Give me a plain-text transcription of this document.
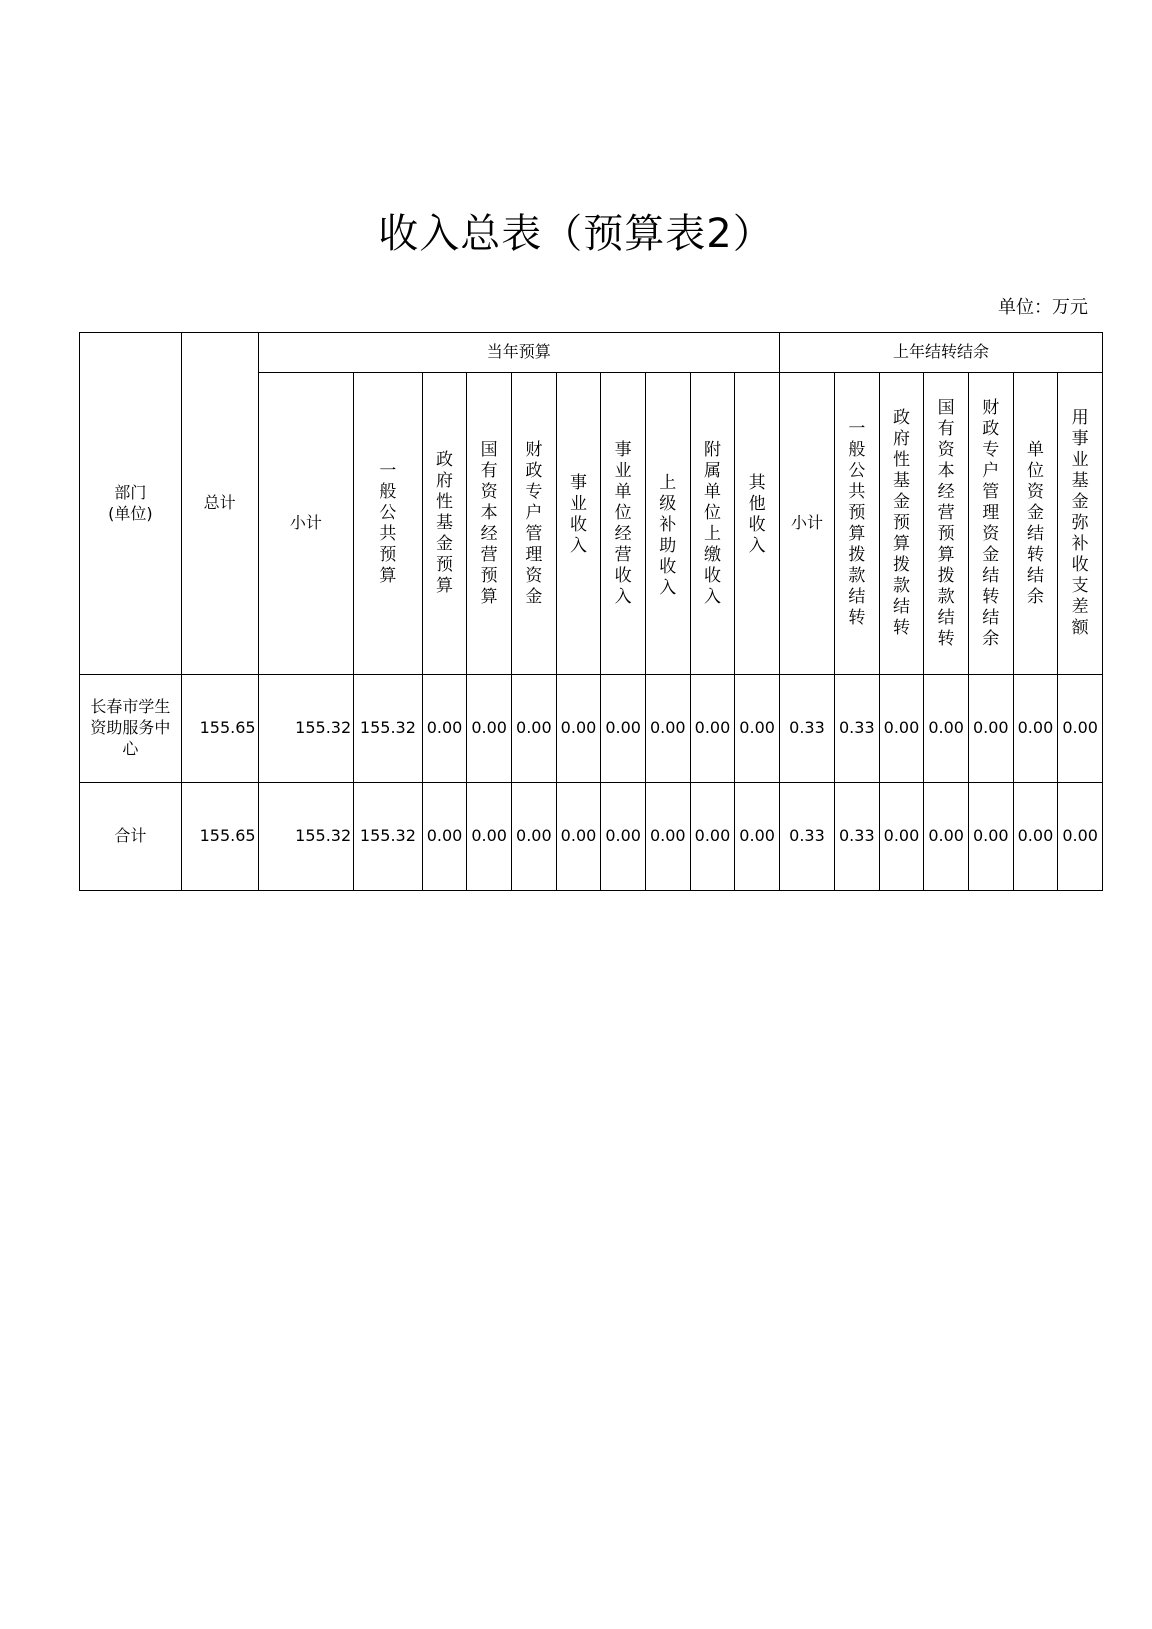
收入总表（预算表2）
单位：万元
部门
(单位)	总计	当年预算										上年结转结余						
		小计	一般公共预算	政府性基金预算	国有资本经营预算	财政专户管理资金	事业收入	事业单位经营收入	上级补助收入	附属单位上缴收入	其他收入	小计	一般公共预算拨款结转	政府性基金预算拨款结转	国有资本经营预算拨款结转	财政专户管理资金结转结余	单位资金结转结余	用事业基金弥补收支差额
长春市学生资助服务中心	155.65	155.32	155.32	0.00	0.00	0.00	0.00	0.00	0.00	0.00	0.00	0.33	0.33	0.00	0.00	0.00	0.00	0.00
合计	155.65	155.32	155.32	0.00	0.00	0.00	0.00	0.00	0.00	0.00	0.00	0.33	0.33	0.00	0.00	0.00	0.00	0.00
